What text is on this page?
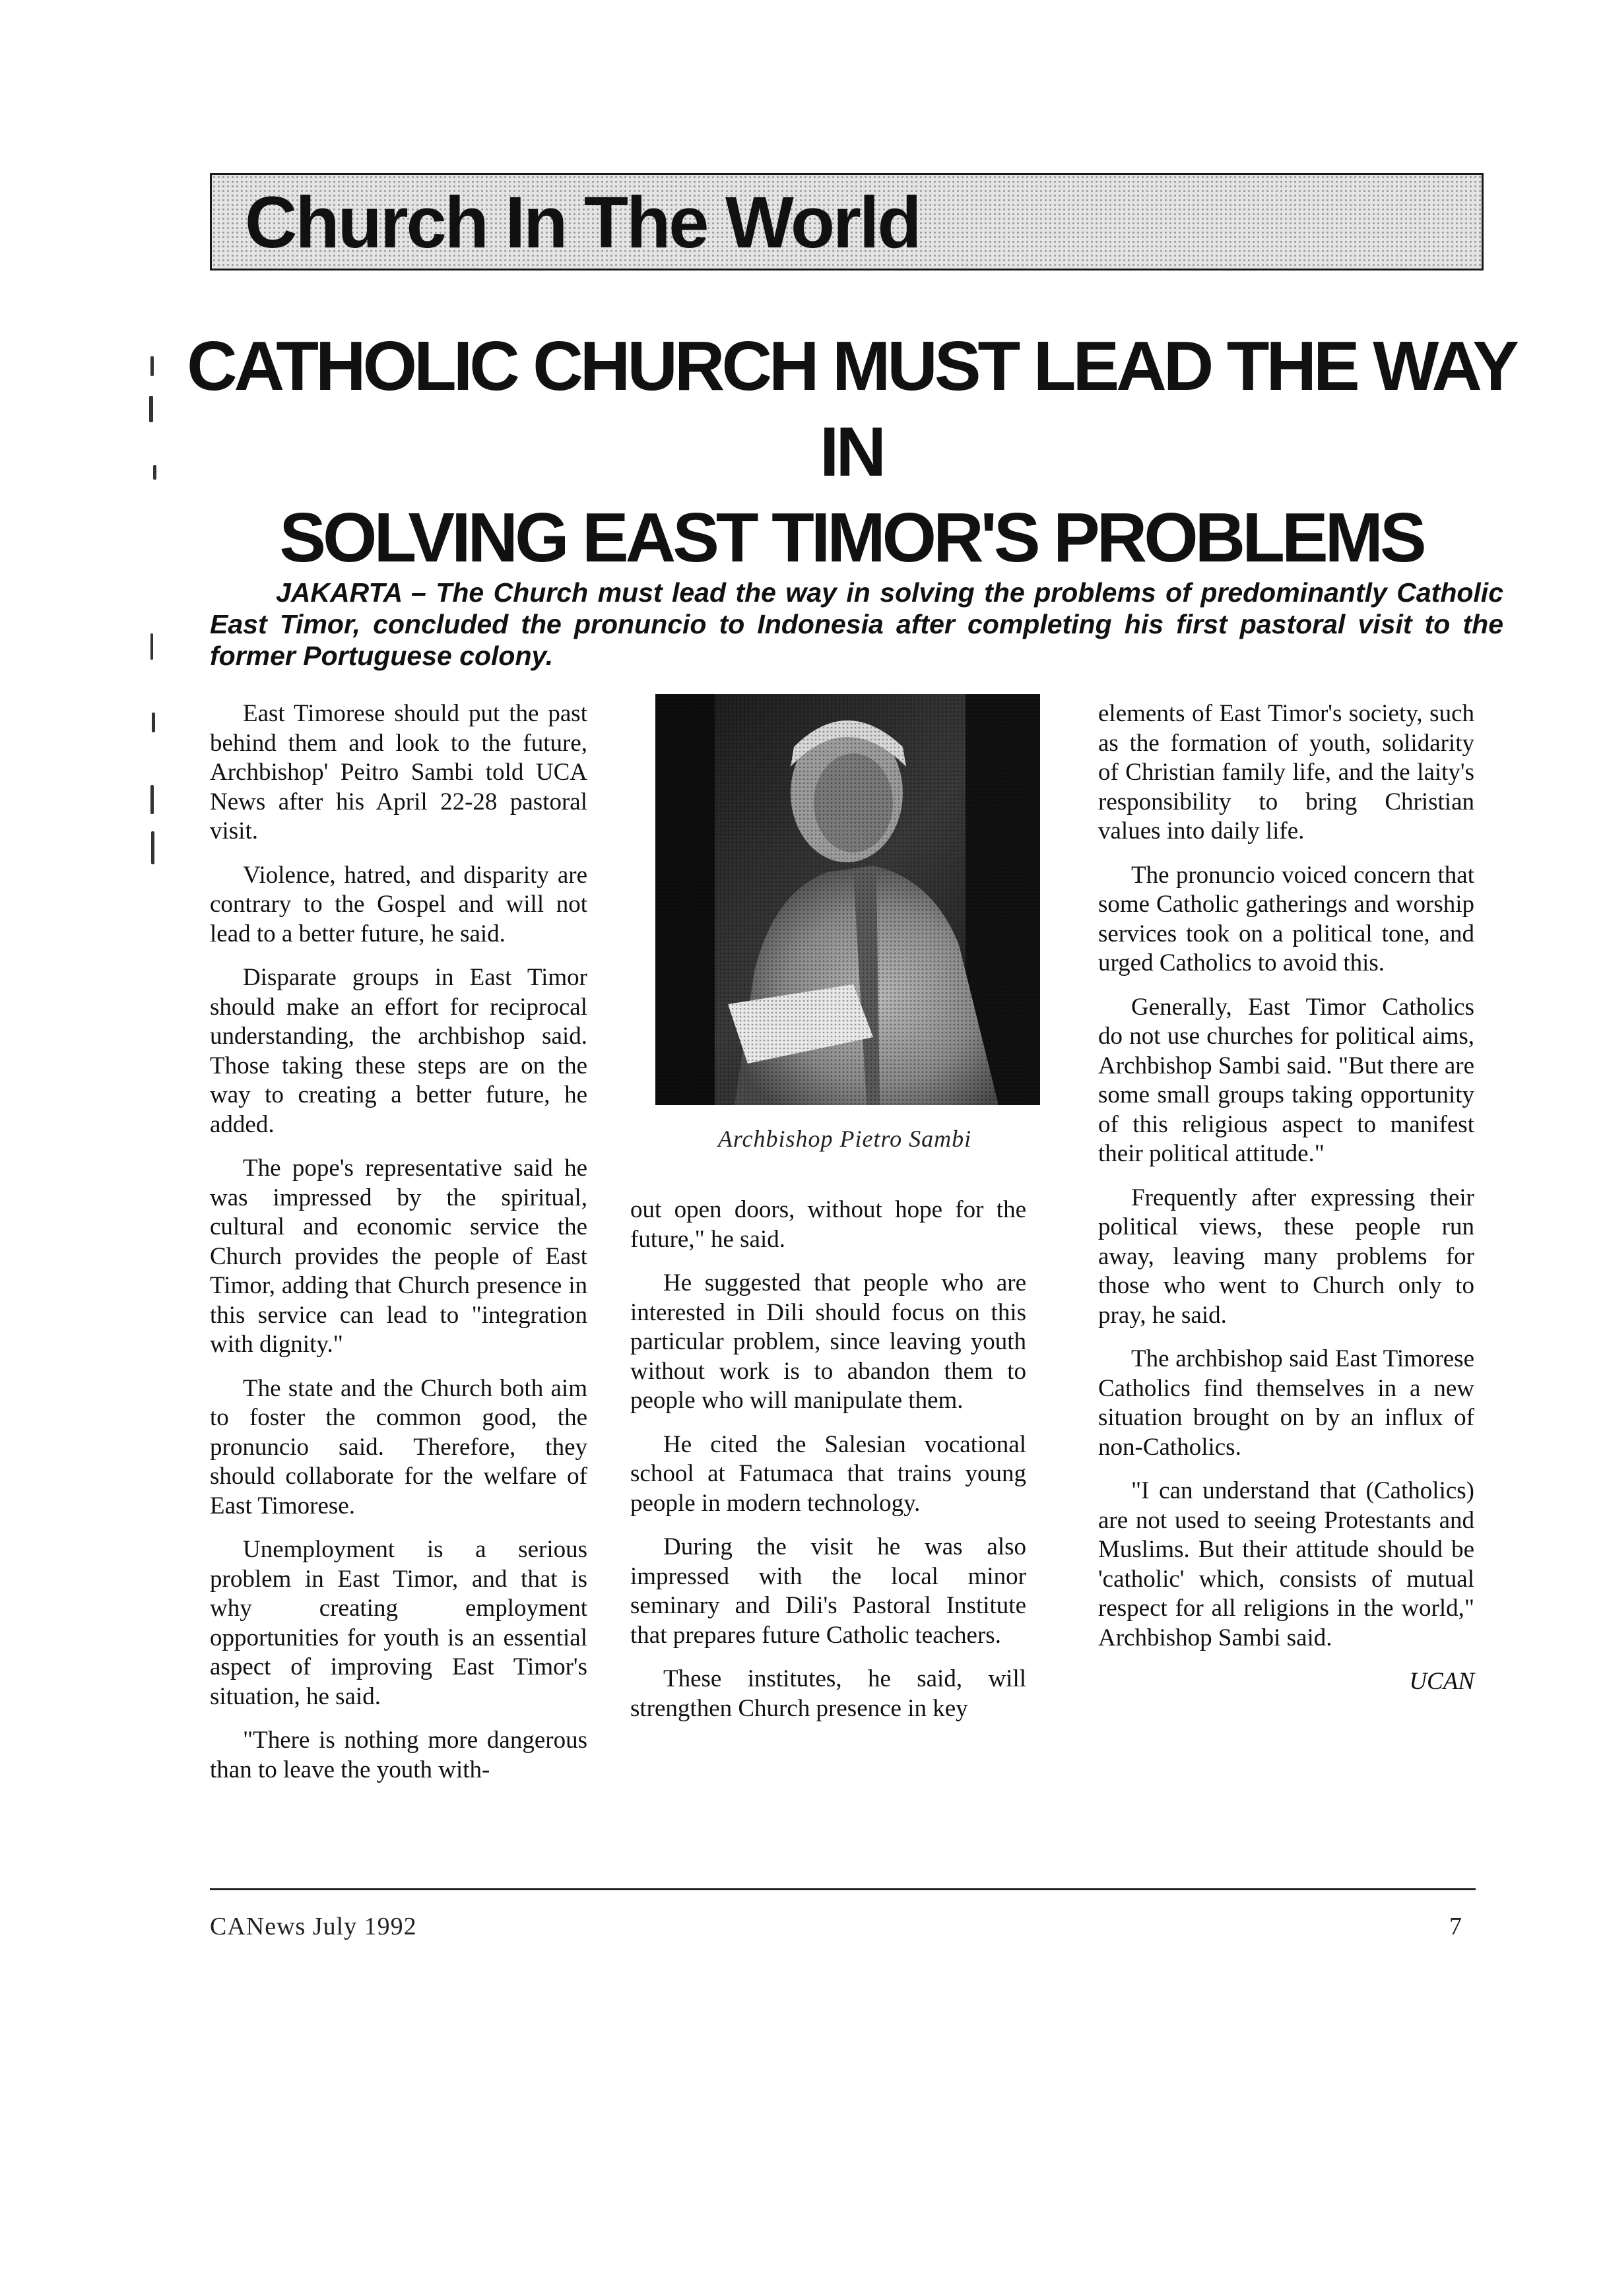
Church In The World
CATHOLIC CHURCH MUST LEAD THE WAY IN
SOLVING EAST TIMOR'S PROBLEMS
JAKARTA – The Church must lead the way in solving the problems of predominantly Catholic East Timor, concluded the pronuncio to Indonesia after completing his first pastoral visit to the former Portuguese colony.

East Timorese should put the past behind them and look to the future, Archbishop' Peitro Sambi told UCA News after his April 22-28 pastoral visit.

Violence, hatred, and disparity are contrary to the Gospel and will not lead to a better future, he said.

Disparate groups in East Timor should make an effort for reciprocal understanding, the archbishop said. Those taking these steps are on the way to creating a better future, he added.

The pope's representative said he was impressed by the spiritual, cultural and economic service the Church provides the people of East Timor, adding that Church presence in this service can lead to "integration with dignity."

The state and the Church both aim to foster the common good, the pronuncio said. Therefore, they should collaborate for the welfare of East Timorese.

Unemployment is a serious problem in East Timor, and that is why creating employment opportunities for youth is an essential aspect of improving East Timor's situation, he said.

"There is nothing more dangerous than to leave the youth with-

Archbishop Pietro Sambi

out open doors, without hope for the future," he said.

He suggested that people who are interested in Dili should focus on this particular problem, since leaving youth without work is to abandon them to people who will manipulate them.

He cited the Salesian vocational school at Fatumaca that trains young people in modern technology.

During the visit he was also impressed with the local minor seminary and Dili's Pastoral Institute that prepares future Catholic teachers.

These institutes, he said, will strengthen Church presence in key

elements of East Timor's society, such as the formation of youth, solidarity of Christian family life, and the laity's responsibility to bring Christian values into daily life.

The pronuncio voiced concern that some Catholic gatherings and worship services took on a political tone, and urged Catholics to avoid this.

Generally, East Timor Catholics do not use churches for political aims, Archbishop Sambi said. "But there are some small groups taking opportunity of this religious aspect to manifest their political attitude."

Frequently after expressing their political views, these people run away, leaving many problems for those who went to Church only to pray, he said.

The archbishop said East Timorese Catholics find themselves in a new situation brought on by an influx of non-Catholics.

"I can understand that (Catholics) are not used to seeing Protestants and Muslims. But their attitude should be 'catholic' which, consists of mutual respect for all religions in the world," Archbishop Sambi said.

UCAN

CANews July 1992	7
